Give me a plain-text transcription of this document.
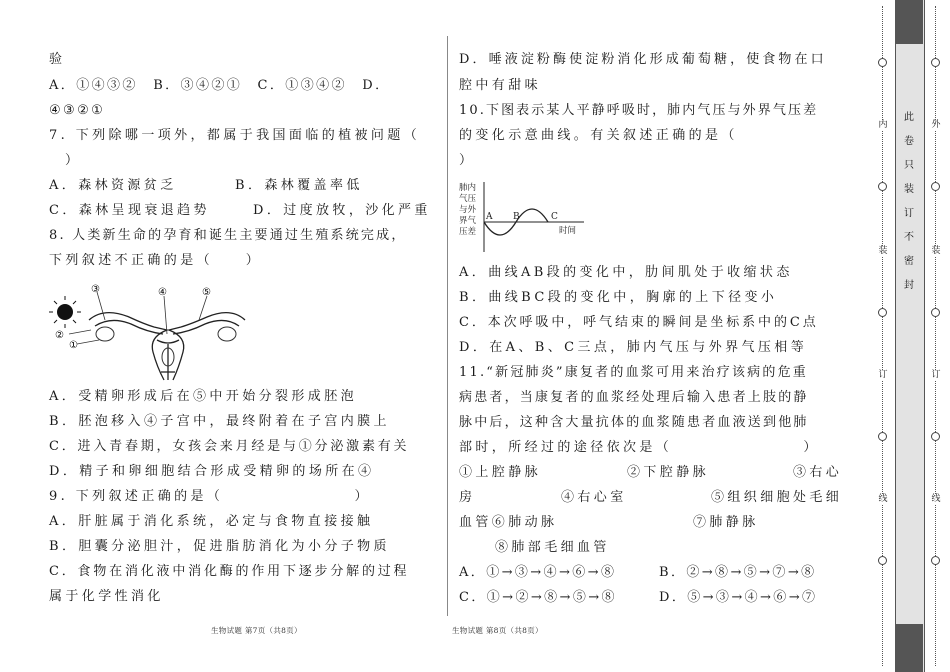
验
A．①④③②　B．③④②①　C．①③④②　D．
④③②①
7. 下列除哪一项外，都属于我国面临的植被问题（
）
A．森林资源贫乏	B．森林覆盖率低
C．森林呈现衰退趋势	D．过度放牧，沙化严重
8. 人类新生命的孕育和诞生主要通过生殖系统完成，
下列叙述不正确的是（　　）
③	④	⑤
②
①
A．受精卵形成后在⑤中开始分裂形成胚泡
B．胚泡移入④子宫中，最终附着在子宫内膜上
C．进入青春期，女孩会来月经是与①分泌激素有关
D．精子和卵细胞结合形成受精卵的场所在④
9. 下列叙述正确的是（　　　　　　　　）
A．肝脏属于消化系统，必定与食物直接接触
B．胆囊分泌胆汁，促进脂肪消化为小分子物质
C．食物在消化液中消化酶的作用下逐步分解的过程
属于化学性消化
生物试题 第7页（共8页）
D．唾液淀粉酶使淀粉消化形成葡萄糖，使食物在口
腔中有甜味
10.下图表示某人平静呼吸时，肺内气压与外界气压差
的变化示意曲线。有关叙述正确的是（
）
肺内
气压
与外
界气
压差
A B	C
时间
A．曲线AB段的变化中，肋间肌处于收缩状态
B．曲线BC段的变化中，胸廓的上下径变小
C．本次呼吸中，呼气结束的瞬间是坐标系中的C点
D．在A、B、C三点，肺内气压与外界气压相等
11.“新冠肺炎”康复者的血浆可用来治疗该病的危重
病患者，当康复者的血浆经处理后输入患者上肢的静
脉中后，这种含大量抗体的血浆随患者血液送到他肺
部时，所经过的途径依次是（　　　　　　　　）
①上腔静脉	②下腔静脉	③右心
房	④右心室	⑤组织细胞处毛细
血管⑥肺动脉	⑦肺静脉
⑧肺部毛细血管
A．①→③→④→⑥→⑧	B．②→⑧→⑤→⑦→⑧
C．①→②→⑧→⑤→⑧	D．⑤→③→④→⑥→⑦
生物试题 第8页（共8页）
此
卷
只
装
订
不
密
封
内
装
订
线
外
装
订
线
